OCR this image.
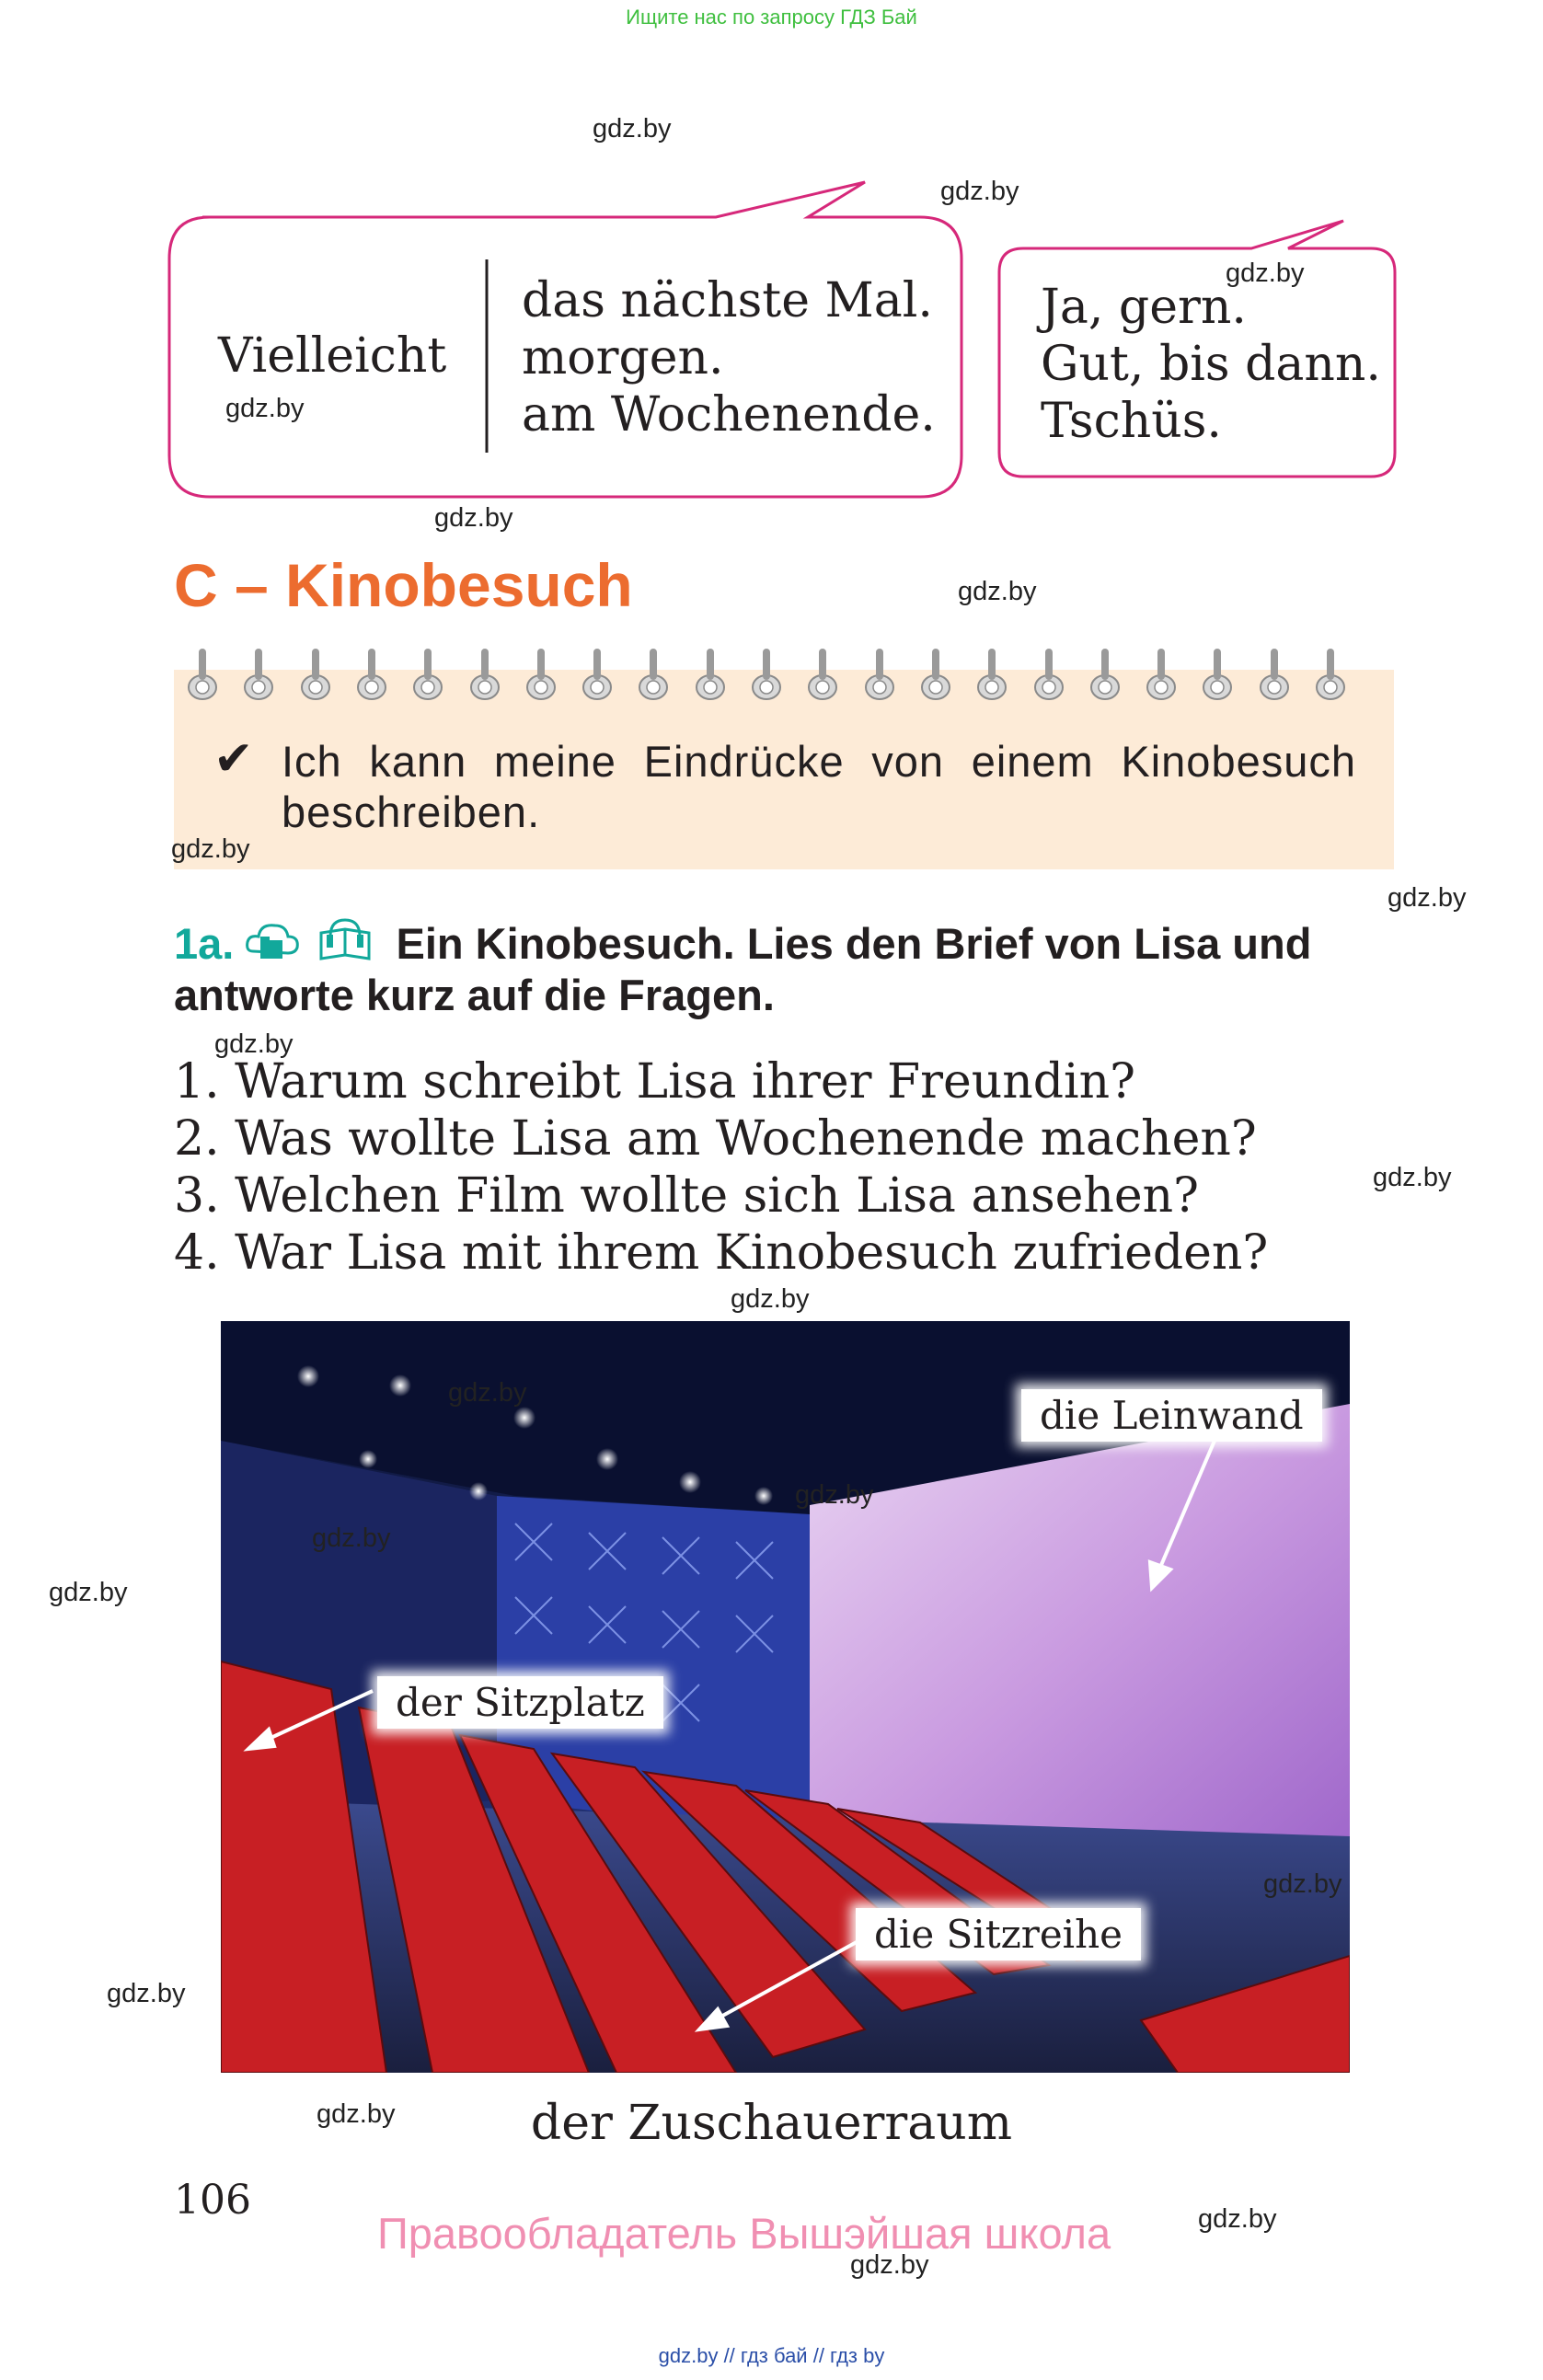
Ищите нас по запросу ГДЗ Бай
Vielleicht
das nächste Mal.
morgen.
am Wochenende.
Ja, gern.
Gut, bis dann.
Tschüs.
C – Kinobesuch
✔ Ich kann meine Eindrücke von einem Kinobesuch beschreiben.
1a.	Ein Kinobesuch. Lies den Brief von Lisa und antworte kurz auf die Fragen.
1. Warum schreibt Lisa ihrer Freundin?
2. Was wollte Lisa am Wochenende machen?
3. Welchen Film wollte sich Lisa ansehen?
4. War Lisa mit ihrem Kinobesuch zufrieden?
die Leinwand
der Sitzplatz
die Sitzreihe
der Zuschauerraum
106
Правообладатель Вышэйшая школа
gdz.by // гдз бай // гдз by
gdz.by
gdz.by
gdz.by
gdz.by
gdz.by
gdz.by
gdz.by
gdz.by
gdz.by
gdz.by
gdz.by
gdz.by
gdz.by
gdz.by
gdz.by
gdz.by
gdz.by
gdz.by
gdz.by
gdz.by
